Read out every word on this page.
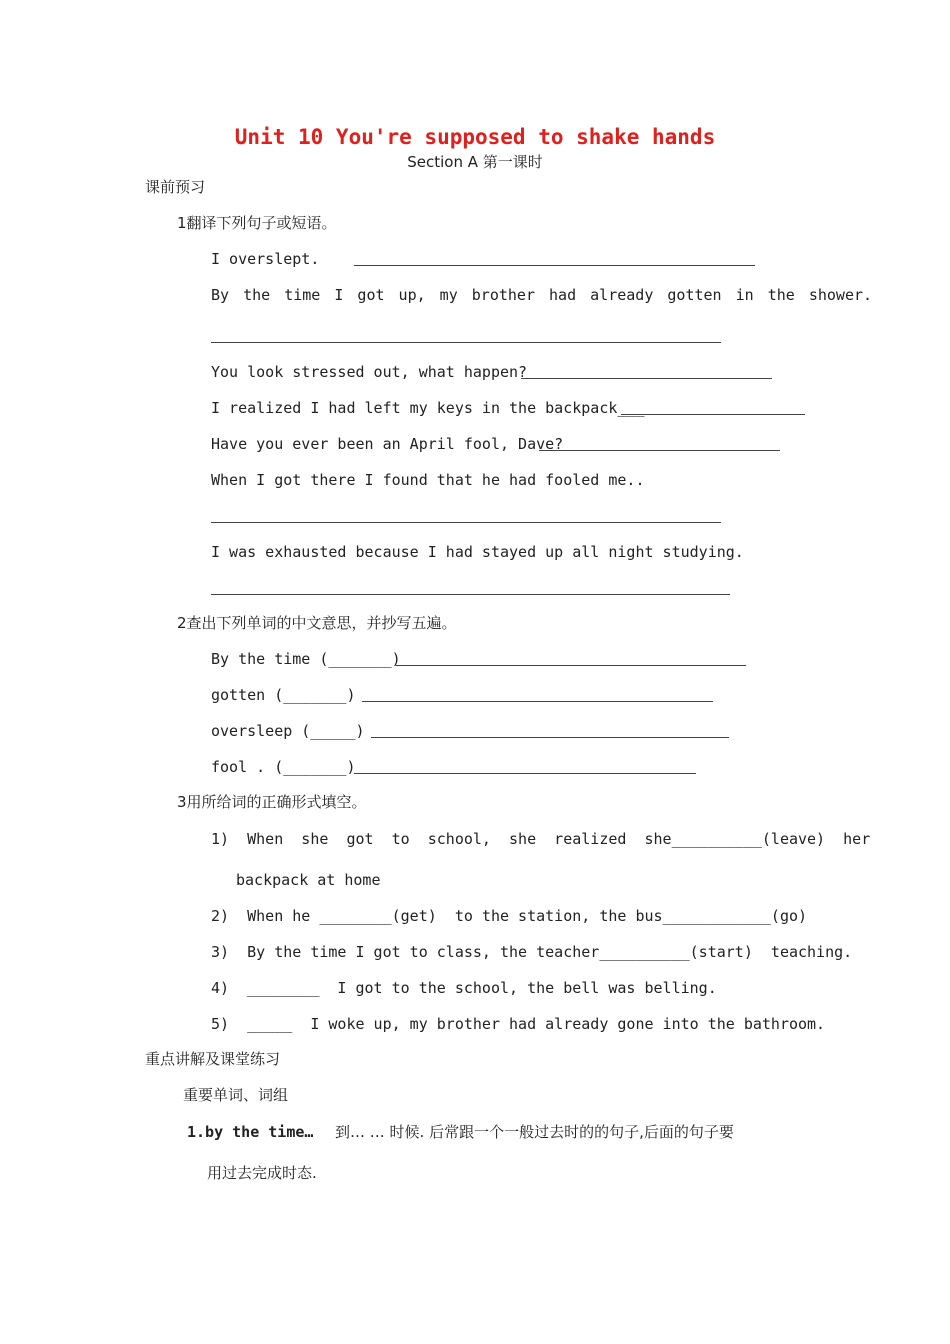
Unit 10 You're supposed to shake hands
Section A 第一课时
课前预习
1翻译下列句子或短语。
I overslept.
By the time I got up, my brother had already gotten in the shower.
You look stressed out, what happen?
I realized I had left my keys in the backpack___
Have you ever been an April fool, Dave?
When I got there I found that he had fooled me..
I was exhausted because I had stayed up all night studying.
2查出下列单词的中文意思，并抄写五遍。
By the time (_______)
gotten (_______)
oversleep (_____)
fool . (_______)
3用所给词的正确形式填空。
1)  When  she  got  to  school,  she  realized  she__________(leave)  her
backpack at home
2)  When he ________(get)  to the station, the bus____________(go)
3)  By the time I got to class, the teacher__________(start)  teaching.
4)  ________  I got to the school, the bell was belling.
5)  _____  I woke up, my brother had already gone into the bathroom.
重点讲解及课堂练习
重要单词、词组
1.by the time… 到… … 时候. 后常跟一个一般过去时的的句子,后面的句子要
用过去完成时态.
